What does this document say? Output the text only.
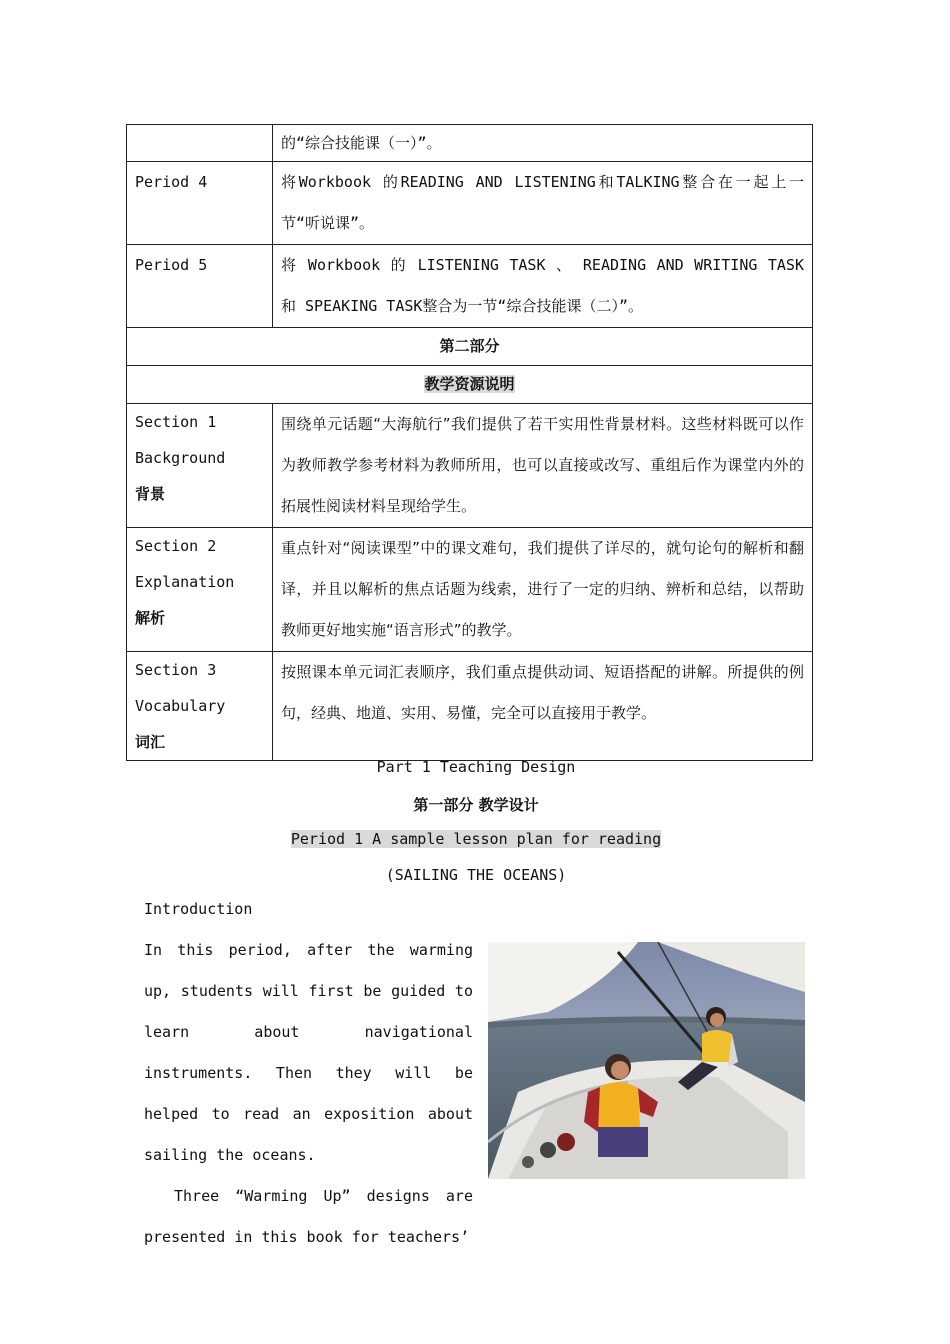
	的“综合技能课（一）”。
Period 4	将Workbook 的READING AND LISTENING和TALKING整合在一起上一节“听说课”。
Period 5	将 Workbook 的 LISTENING TASK 、 READING AND WRITING TASK 和 SPEAKING TASK整合为一节“综合技能课（二）”。
第二部分	
教学资源说明	

Section 1
Background
背景	围绕单元话题“大海航行”我们提供了若干实用性背景材料。这些材料既可以作为教师教学参考材料为教师所用，也可以直接或改写、重组后作为课堂内外的拓展性阅读材料呈现给学生。

Section 2
Explanation
解析	重点针对“阅读课型”中的课文难句，我们提供了详尽的，就句论句的解析和翻译，并且以解析的焦点话题为线索，进行了一定的归纳、辨析和总结，以帮助教师更好地实施“语言形式”的教学。

Section 3
Vocabulary
词汇	按照课本单元词汇表顺序，我们重点提供动词、短语搭配的讲解。所提供的例句，经典、地道、实用、易懂，完全可以直接用于教学。
Part 1 Teaching Design
第一部分 教学设计
Period 1 A sample lesson plan for reading
(SAILING THE OCEANS)
Introduction

In this period, after the warming up, students will first be guided to learn about navigational instruments. Then they will be helped to read an exposition about sailing the oceans.

Three “Warming Up” designs are presented in this book for teachers’
